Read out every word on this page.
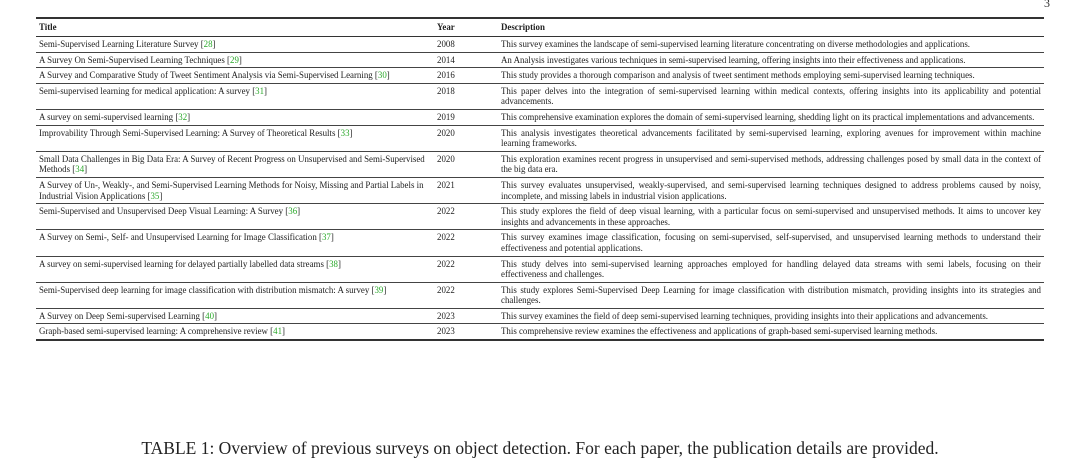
3
Title	Year	Description
Semi-Supervised Learning Literature Survey [28]	2008	This survey examines the landscape of semi-supervised learning literature concentrating on diverse methodologies and applications.
A Survey On Semi-Supervised Learning Techniques [29]	2014	An Analysis investigates various techniques in semi-supervised learning, offering insights into their effectiveness and applications.
A Survey and Comparative Study of Tweet Sentiment Analysis via Semi-Supervised Learning [30]	2016	This study provides a thorough comparison and analysis of tweet sentiment methods employing semi-supervised learning techniques.
Semi-supervised learning for medical application: A survey [31]	2018	This paper delves into the integration of semi-supervised learning within medical contexts, offering insights into its applicability and potential advancements.
A survey on semi-supervised learning [32]	2019	This comprehensive examination explores the domain of semi-supervised learning, shedding light on its practical implementations and advancements.
Improvability Through Semi-Supervised Learning: A Survey of Theoretical Results [33]	2020	This analysis investigates theoretical advancements facilitated by semi-supervised learning, exploring avenues for improvement within machine learning frameworks.
Small Data Challenges in Big Data Era: A Survey of Recent Progress on Unsupervised and Semi-Supervised Methods [34]	2020	This exploration examines recent progress in unsupervised and semi-supervised methods, addressing challenges posed by small data in the context of the big data era.
A Survey of Un-, Weakly-, and Semi-Supervised Learning Methods for Noisy, Missing and Partial Labels in Industrial Vision Applications [35]	2021	This survey evaluates unsupervised, weakly-supervised, and semi-supervised learning techniques designed to address problems caused by noisy, incomplete, and missing labels in industrial vision applications.
Semi-Supervised and Unsupervised Deep Visual Learning: A Survey [36]	2022	This study explores the field of deep visual learning, with a particular focus on semi-supervised and unsupervised methods. It aims to uncover key insights and advancements in these approaches.
A Survey on Semi-, Self- and Unsupervised Learning for Image Classification [37]	2022	This survey examines image classification, focusing on semi-supervised, self-supervised, and unsupervised learning methods to understand their effectiveness and potential applications.
A survey on semi-supervised learning for delayed partially labelled data streams [38]	2022	This study delves into semi-supervised learning approaches employed for handling delayed data streams with semi labels, focusing on their effectiveness and challenges.
Semi-Supervised deep learning for image classification with distribution mismatch: A survey [39]	2022	This study explores Semi-Supervised Deep Learning for image classification with distribution mismatch, providing insights into its strategies and challenges.
A Survey on Deep Semi-supervised Learning [40]	2023	This survey examines the field of deep semi-supervised learning techniques, providing insights into their applications and advancements.
Graph-based semi-supervised learning: A comprehensive review [41]	2023	This comprehensive review examines the effectiveness and applications of graph-based semi-supervised learning methods.
TABLE 1: Overview of previous surveys on object detection. For each paper, the publication details are provided.
